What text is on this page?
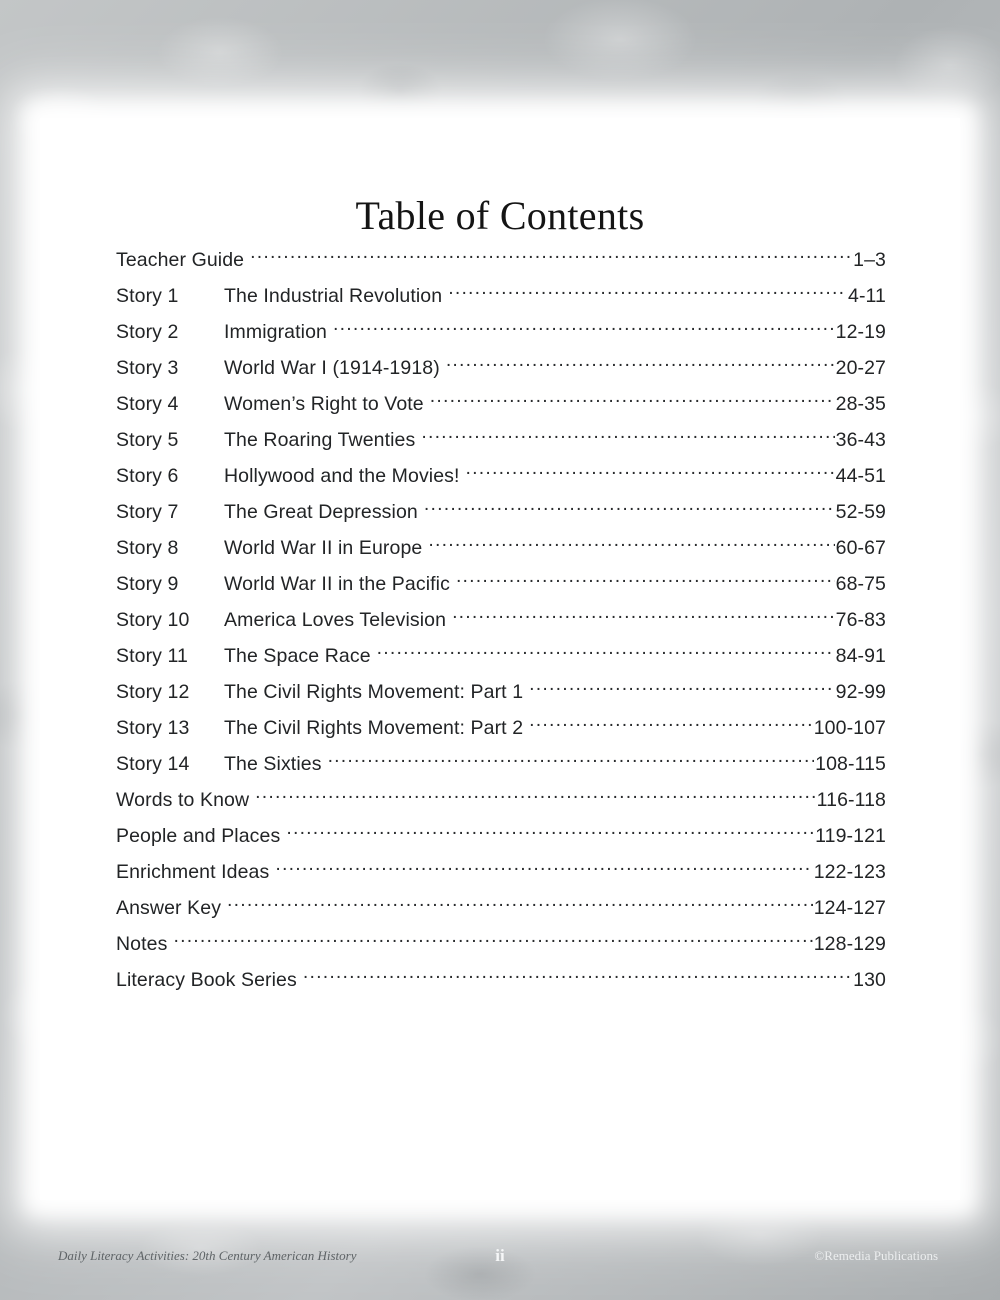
Table of Contents
Teacher Guide .....	1–3
Story 1	The Industrial Revolution .....	4-11
Story 2	Immigration .....	12-19
Story 3	World War I (1914-1918) .....	20-27
Story 4	Women’s Right to Vote .....	28-35
Story 5	The Roaring Twenties .....	36-43
Story 6	Hollywood and the Movies! .....	44-51
Story 7	The Great Depression .....	52-59
Story 8	World War II in Europe .....	60-67
Story 9	World War II in the Pacific .....	68-75
Story 10	America Loves Television .....	76-83
Story 11	The Space Race .....	84-91
Story 12	The Civil Rights Movement: Part 1 .....	92-99
Story 13	The Civil Rights Movement: Part 2 .....	100-107
Story 14	The Sixties .....	108-115
Words to Know .....	116-118
People and Places .....	119-121
Enrichment Ideas .....	122-123
Answer Key .....	124-127
Notes .....	128-129
Literacy Book Series .....	130
Daily Literacy Activities: 20th Century American History	ii	©Remedia Publications
